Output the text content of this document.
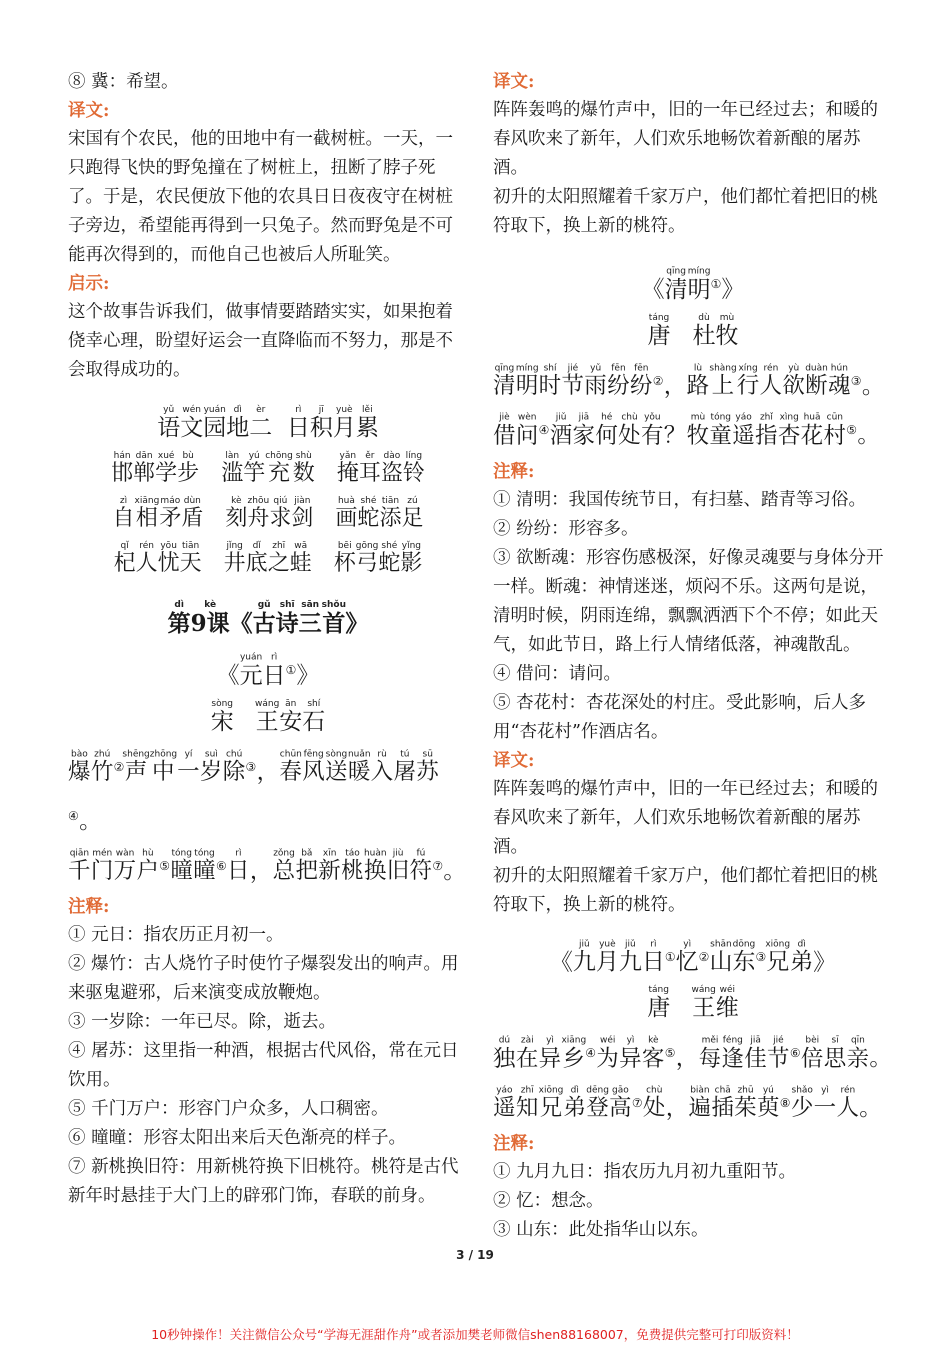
⑧ 冀：希望。

译文:

宋国有个农民，他的田地中有一截树桩。一天，一只跑得飞快的野兔撞在了树桩上，扭断了脖子死了。于是，农民便放下他的农具日日夜夜守在树桩子旁边，希望能再得到一只兔子。然而野兔是不可能再次得到的，而他自己也被后人所耻笑。

启示:

这个故事告诉我们，做事情要踏踏实实，如果抱着侥幸心理，盼望好运会一直降临而不努力，那是不会取得成功的。

语yǔ文wén园yuán地dì二èr  日rì积jī月yuè累lěi
邯hán郸dān学xué步bù
滥làn竽yú充chōng数shù
掩yǎn耳ěr盗dào铃líng
自zì相xiāng矛máo盾dùn
刻kè舟zhōu求qiú剑jiàn
画huà蛇shé添tiān足zú
杞qǐ人rén忧yōu天tiān
井jǐng底dǐ之zhī蛙wā
杯bēi弓gōng蛇shé影yǐng
第dì9课kè《古gǔ诗shī三sān首shǒu》
《元yuán日rì①》
宋sòng   王wáng安ān石shí
爆bào竹zhú②声shēng中zhōng一yí岁suì除chú③，春chūn风fēng送sòng暖nuǎn入rù屠tú苏sū④。
千qiān门mén万wàn户hù⑤曈tóng曈tóng⑥日rì，总zǒng把bǎ新xīn桃táo换huàn旧jiù符fú⑦。
注释:

① 元日：指农历正月初一。

② 爆竹：古人烧竹子时使竹子爆裂发出的响声。用来驱鬼避邪，后来演变成放鞭炮。

③ 一岁除：一年已尽。除，逝去。

④ 屠苏：这里指一种酒，根据古代风俗，常在元日饮用。

⑤ 千门万户：形容门户众多，人口稠密。

⑥ 曈曈：形容太阳出来后天色渐亮的样子。

⑦ 新桃换旧符：用新桃符换下旧桃符。桃符是古代新年时悬挂于大门上的辟邪门饰，春联的前身。

译文:

阵阵轰鸣的爆竹声中，旧的一年已经过去；和暖的春风吹来了新年，人们欢乐地畅饮着新酿的屠苏酒。

初升的太阳照耀着千家万户，他们都忙着把旧的桃符取下，换上新的桃符。

《清qīng明míng①》
唐táng   杜dù牧mù
清qīng明míng时shí节jié雨yǔ纷fēn纷fēn②，路lù上shàng行xíng人rén欲yù断duàn魂hún③。
借jiè问wèn④酒jiǔ家jiā何hé处chù有yǒu？牧mù童tóng遥yáo指zhǐ杏xìng花huā村cūn⑤。
注释:

① 清明：我国传统节日，有扫墓、踏青等习俗。

② 纷纷：形容多。

③ 欲断魂：形容伤感极深，好像灵魂要与身体分开一样。断魂：神情迷迷，烦闷不乐。这两句是说，清明时候，阴雨连绵，飘飘洒洒下个不停；如此天气，如此节日，路上行人情绪低落，神魂散乱。

④ 借问：请问。

⑤ 杏花村：杏花深处的村庄。受此影响，后人多用“杏花村”作酒店名。

译文:

阵阵轰鸣的爆竹声中，旧的一年已经过去；和暖的春风吹来了新年，人们欢乐地畅饮着新酿的屠苏酒。

初升的太阳照耀着千家万户，他们都忙着把旧的桃符取下，换上新的桃符。

《九jiǔ月yuè九jiǔ日rì①忆yì②山shān东dōng③兄xiōng弟dì》
唐táng   王wáng维wéi
独dú在zài异yì乡xiāng④为wéi异yì客kè⑤，每měi逢féng佳jiā节jié⑥倍bèi思sī亲qīn。
遥yáo知zhī兄xiōng弟dì登dēng高gāo⑦处chù，遍biàn插chā茱zhū萸yú⑧少shǎo一yì人rén。
注释:

① 九月九日：指农历九月初九重阳节。

② 忆：想念。

③ 山东：此处指华山以东。

3 / 19
10秒钟操作！关注微信公众号“学海无涯甜作舟”或者添加樊老师微信shen88168007，免费提供完整可打印版资料！
